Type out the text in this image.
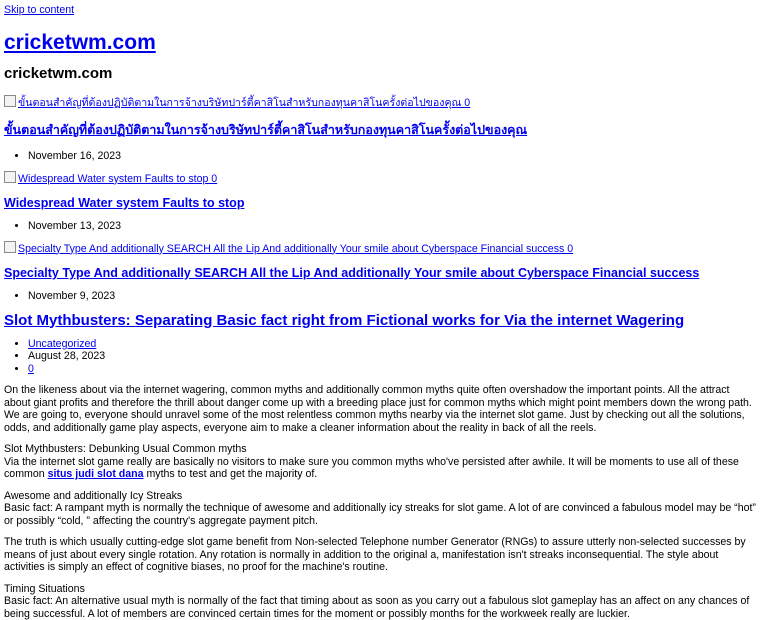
Skip to content
cricketwm.com

cricketwm.com

ขั้นตอนสำคัญที่ต้องปฏิบัติตามในการจ้างบริษัทปาร์ตี้คาสิโนสำหรับกองทุนคาสิโนครั้งต่อไปของคุณ 0
ขั้นตอนสำคัญที่ต้องปฏิบัติตามในการจ้างบริษัทปาร์ตี้คาสิโนสำหรับกองทุนคาสิโนครั้งต่อไปของคุณ
• November 16, 2023
Widespread Water system Faults to stop 0
Widespread Water system Faults to stop
• November 13, 2023
Specialty Type And additionally SEARCH All the Lip And additionally Your smile about Cyberspace Financial success 0
Specialty Type And additionally SEARCH All the Lip And additionally Your smile about Cyberspace Financial success
• November 9, 2023
Slot Mythbusters: Separating Basic fact right from Fictional works for Via the internet Wagering
• Uncategorized
• August 28, 2023
• 0

On the likeness about via the internet wagering, common myths and additionally common myths quite often overshadow the important points. All the attract about giant profits and therefore the thrill about danger come up with a breeding place just for common myths which might point members down the wrong path. We are going to, everyone should unravel some of the most relentless common myths nearby via the internet slot game. Just by checking out all the solutions, odds, and additionally game play aspects, everyone aim to make a cleaner information about the reality in back of all the reels.

Slot Mythbusters: Debunking Usual Common myths

Via the internet slot game really are basically no visitors to make sure you common myths who've persisted after awhile. It will be moments to use all of these common situs judi slot dana myths to test and get the majority of.

Awesome and additionally Icy Streaks

Basic fact: A rampant myth is normally the technique of awesome and additionally icy streaks for slot game. A lot of are convinced a fabulous model may be “hot” or possibly “cold, ” affecting the country's aggregate payment pitch.

The truth is which usually cutting-edge slot game benefit from Non-selected Telephone number Generator (RNGs) to assure utterly non-selected successes by means of just about every single rotation. Any rotation is normally in addition to the original a, manifestation isn't streaks inconsequential. The style about activities is simply an effect of cognitive biases, no proof for the machine's routine.

Timing Situations

Basic fact: An alternative usual myth is normally of the fact that timing about as soon as you carry out a fabulous slot gameplay has an affect on any chances of being successful. A lot of members are convinced certain times for the moment or possibly months for the workweek really are luckier.
